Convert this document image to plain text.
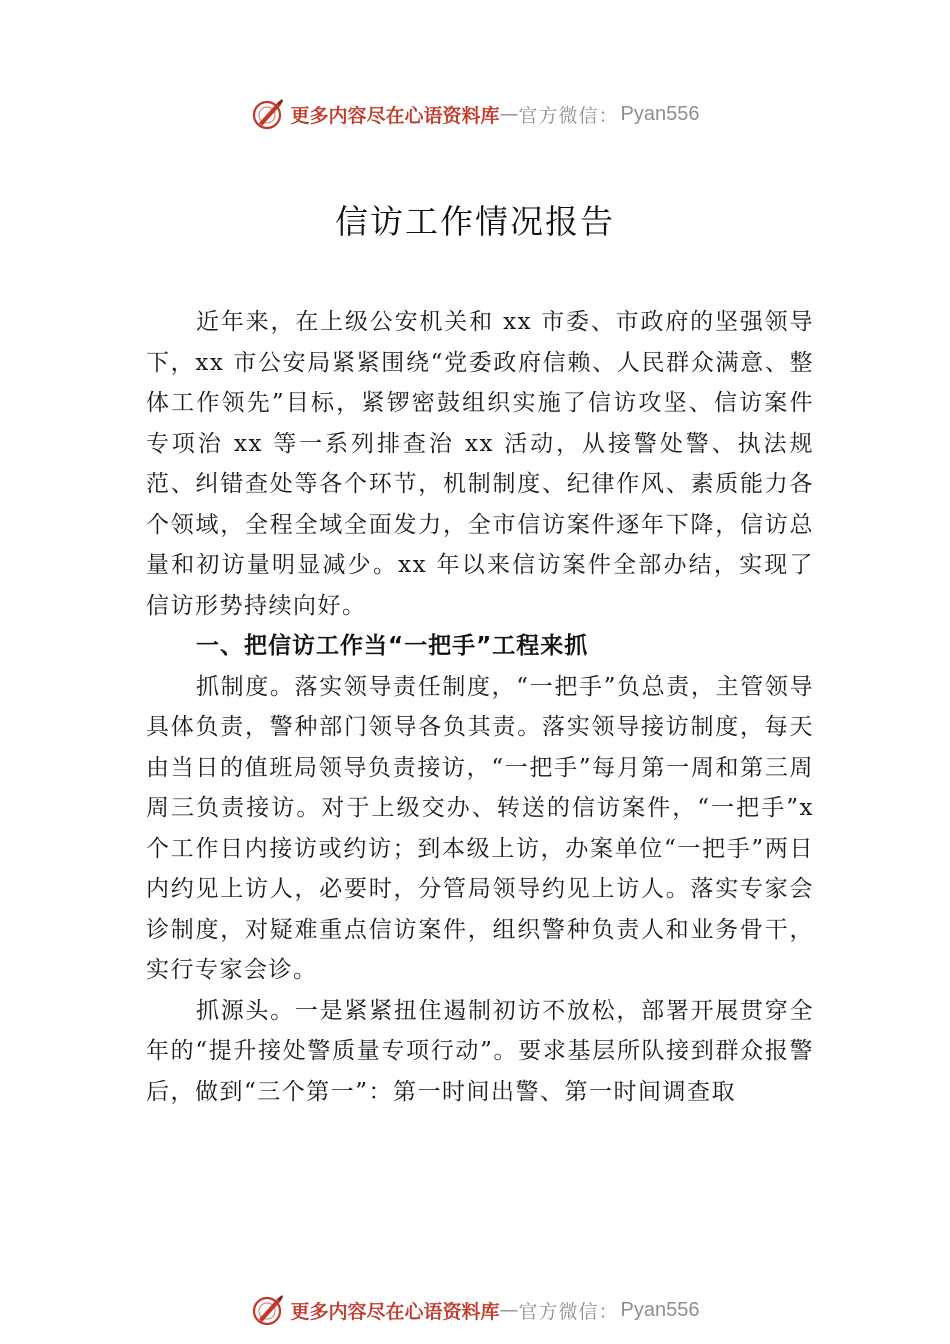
更多内容尽在心语资料库 — 官方微信： Pyan556
信访工作情况报告

近年来，在上级公安机关和 xx 市委、市政府的坚强领导下，xx 市公安局紧紧围绕“党委政府信赖、人民群众满意、整体工作领先”目标，紧锣密鼓组织实施了信访攻坚、信访案件专项治 xx 等一系列排查治 xx 活动，从接警处警、执法规范、纠错查处等各个环节，机制制度、纪律作风、素质能力各个领域，全程全域全面发力，全市信访案件逐年下降，信访总量和初访量明显减少。xx 年以来信访案件全部办结，实现了信访形势持续向好。

一、把信访工作当“一把手”工程来抓

抓制度。落实领导责任制度，“一把手”负总责，主管领导具体负责，警种部门领导各负其责。落实领导接访制度，每天由当日的值班局领导负责接访，“一把手”每月第一周和第三周周三负责接访。对于上级交办、转送的信访案件，“一把手”x 个工作日内接访或约访；到本级上访，办案单位“一把手”两日内约见上访人，必要时，分管局领导约见上访人。落实专家会诊制度，对疑难重点信访案件，组织警种负责人和业务骨干，实行专家会诊。

抓源头。一是紧紧扭住遏制初访不放松，部署开展贯穿全年的“提升接处警质量专项行动”。要求基层所队接到群众报警后，做到“三个第一”：第一时间出警、第一时间调查取

更多内容尽在心语资料库 — 官方微信： Pyan556
